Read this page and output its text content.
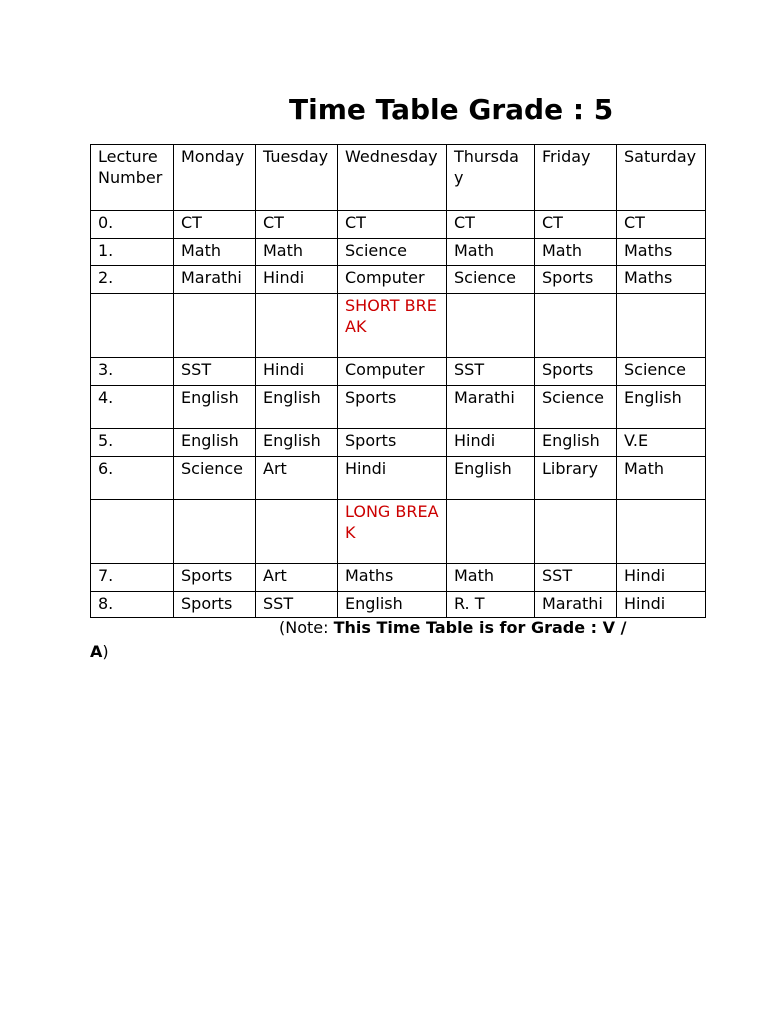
Time Table Grade : 5
Lecture Number	Monday	Tuesday	Wednesday	Thursday	Friday	Saturday
0.	CT	CT	CT	CT	CT	CT
1.	Math	Math	Science	Math	Math	Maths
2.	Marathi	Hindi	Computer	Science	Sports	Maths
			SHORT BREAK			
3.	SST	Hindi	Computer	SST	Sports	Science
4.	English	English	Sports	Marathi	Science	English
5.	English	English	Sports	Hindi	English	V.E
6.	Science	Art	Hindi	English	Library	Math
			LONG BREAK			
7.	Sports	Art	Maths	Math	SST	Hindi
8.	Sports	SST	English	R. T	Marathi	Hindi
(Note: This Time Table is for Grade : V /
A)
